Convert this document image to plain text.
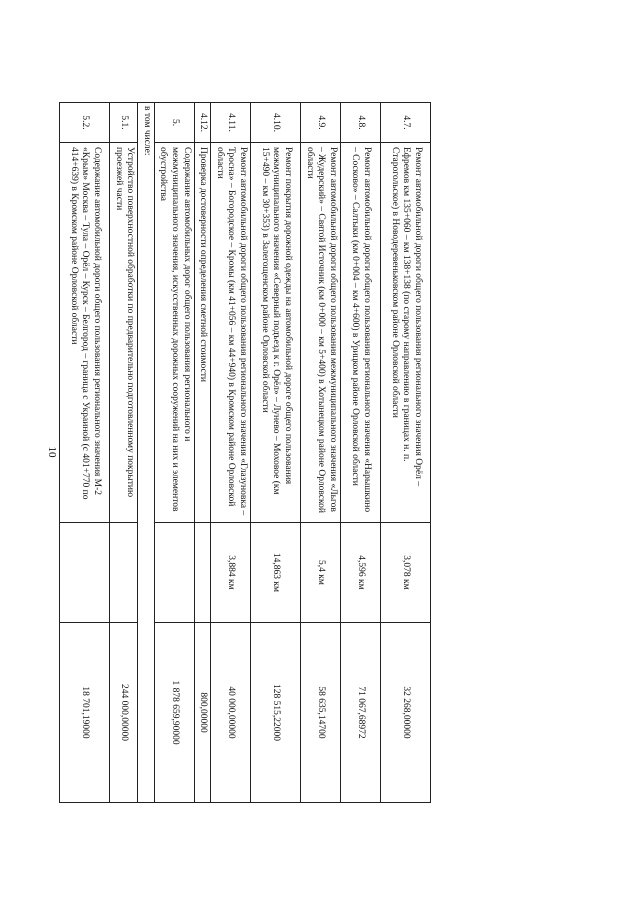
10
4.7.	Ремонт автомобильной дороги общего пользования регионального значения Орёл – Ефремов км 135+060 – км 138+138 (по старому направлению в границах н. п. Старогольское) в Новодеревеньковском районе Орловской области	3,078 км	32 268,00000
4.8.	Ремонт автомобильной дороги общего пользования регионального значения «Нарышкино – Сосково» – Салтыки (км 0+004 – км 4+600) в Урицком районе Орловской области	4,596 км	71 067,68972
4.9.	Ремонт автомобильной дороги общего пользования межмуниципального значения «Льгов – Жудерский» – Святой Источник (км 0+000 – км 5+400) в Хотынецком районе Орловской области	5,4 км	58 635,14700
4.10.	Ремонт покрытия дорожной одежды на автомобильной дороге общего пользования межмуниципального значения «Северный подъезд к г. Орёл» – Лунево – Моховое (км 15+490 – км 30+353) в Залегощенском районе Орловской области	14,863 км	128 515,22000
4.11.	Ремонт автомобильной дороги общего пользования регионального значения «Глазуновка – Тросна» – Богородское – Кромы (км 41+056 – км 44+940) в Кромском районе Орловской области	3,884 км	40 000,00000
4.12.	Проверка достоверности определения сметной стоимости		800,00000
5.	Содержание автомобильных дорог общего пользования регионального и межмуниципального значения, искусственных дорожных сооружений на них и элементов обустройства		1 878 659,90000
в том числе:			
5.1.	Устройство поверхностной обработки по предварительно подготовленному покрытию проезжей части		244 000,00000
5.2.	Содержание автомобильной дороги общего пользования регионального значения М-2 «Крым» Москва – Тула – Орёл – Курск – Белгород – граница с Украиной (с 401+770 по 414+639) в Кромском районе Орловской области		18 701,19000
